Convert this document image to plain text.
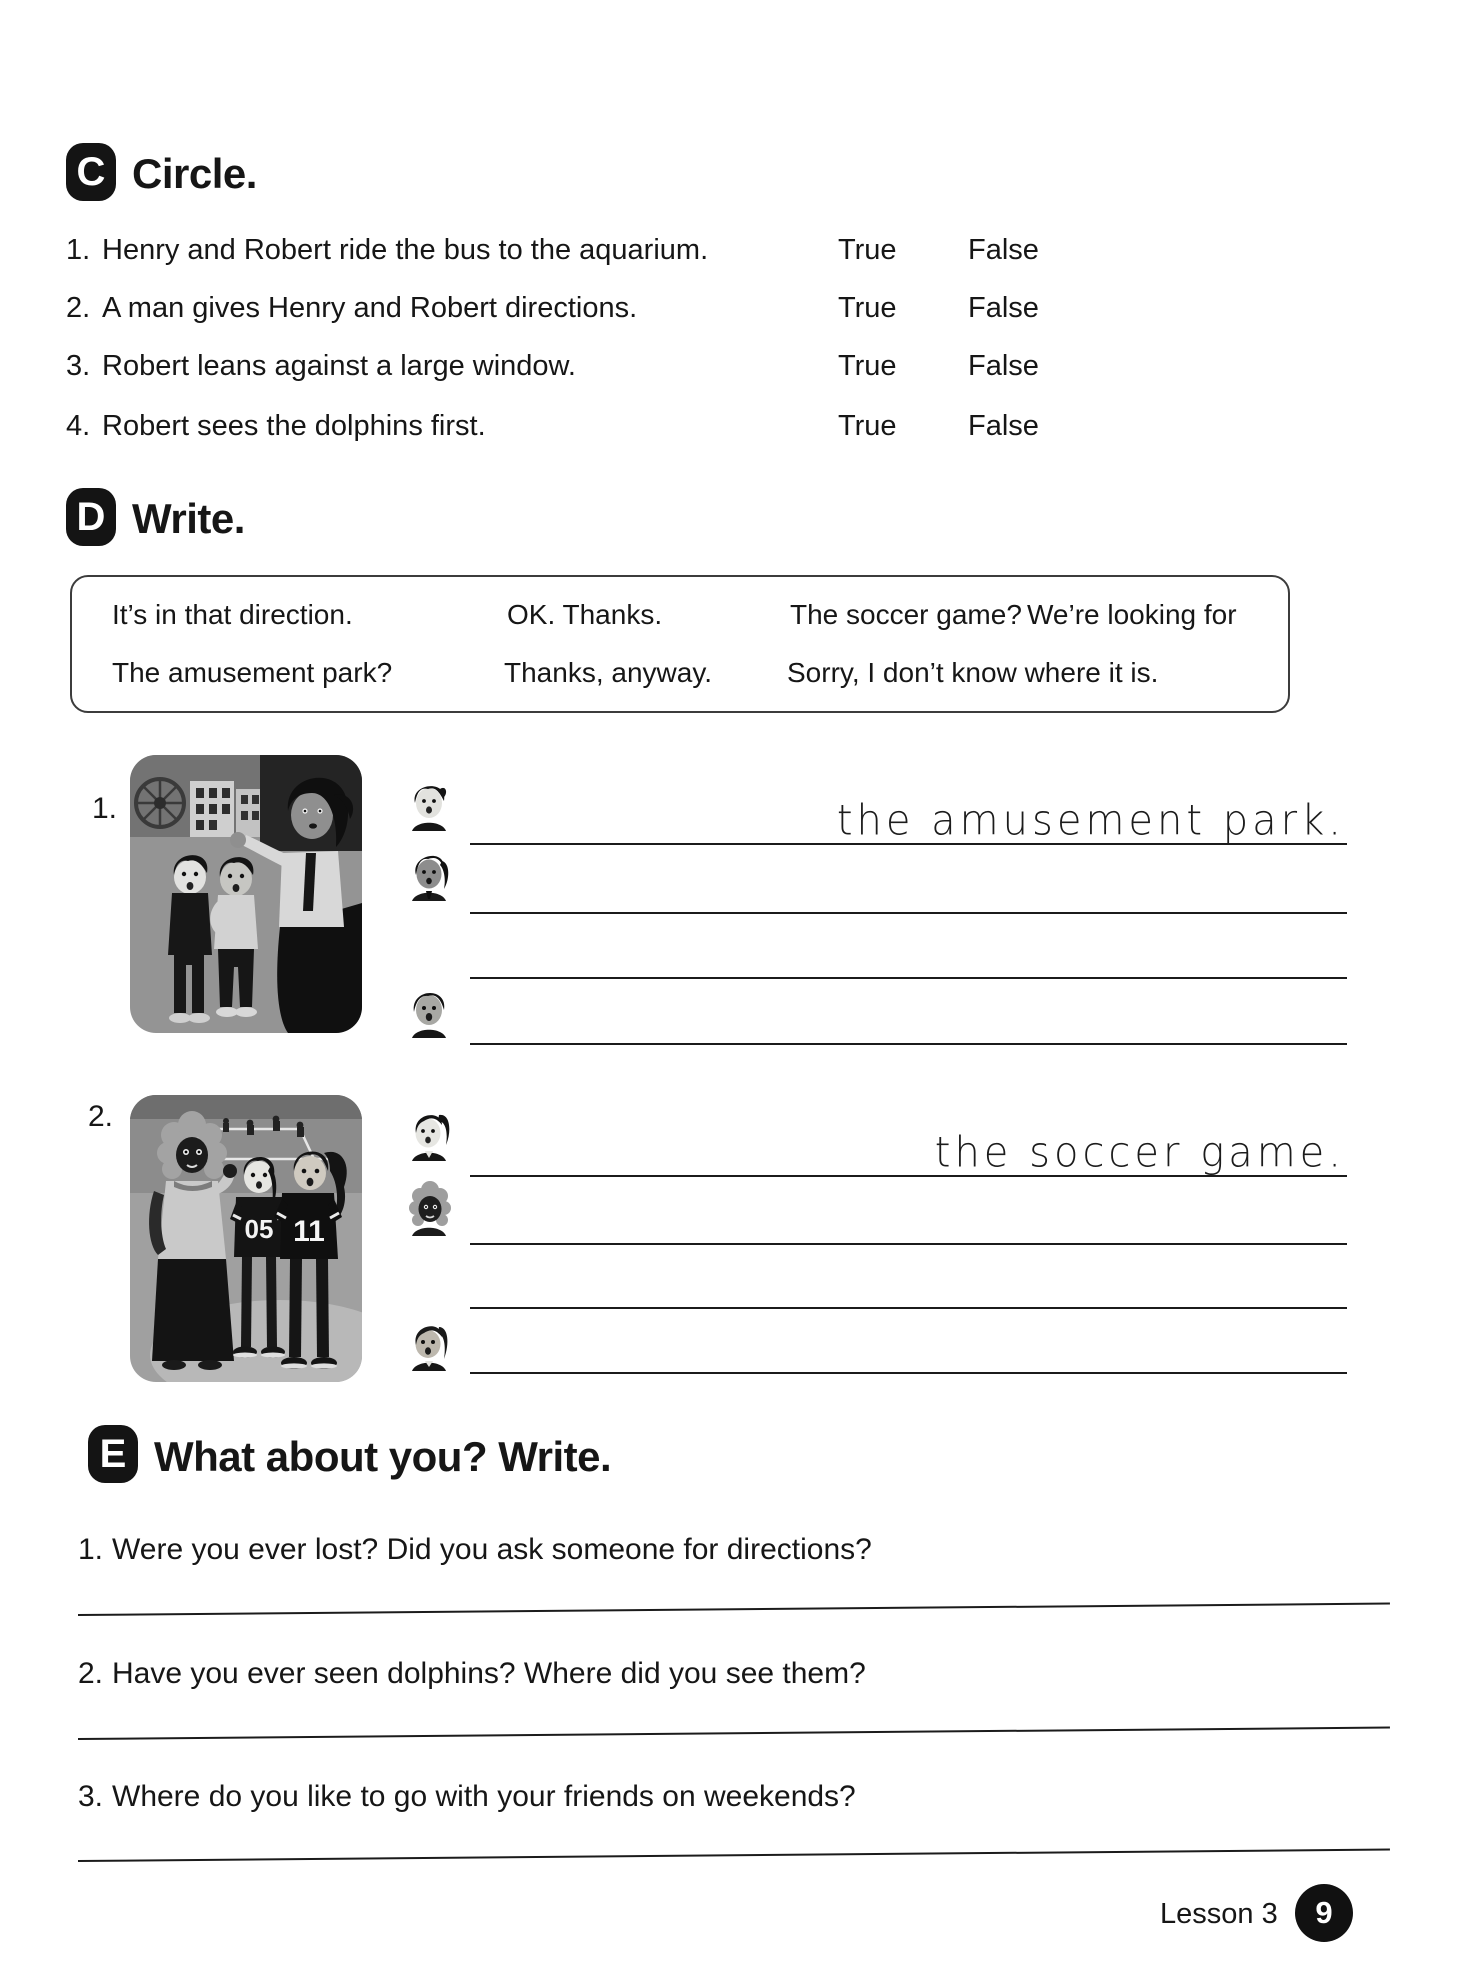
C Circle.
1. Henry and Robert ride the bus to the aquarium.	True False
2. A man gives Henry and Robert directions.	True False
3. Robert leans against a large window.	True False
4. Robert sees the dolphins first.	True False
D Write.
It’s in that direction.	OK. Thanks.	The soccer game? We’re looking for
The amusement park?	Thanks, anyway.	Sorry, I don’t know where it is.
1.	the amusement park.
2.
05 11
the soccer game.
E What about you? Write.
1. Were you ever lost? Did you ask someone for directions?
2. Have you ever seen dolphins? Where did you see them?
3. Where do you like to go with your friends on weekends?
Lesson 3	9
